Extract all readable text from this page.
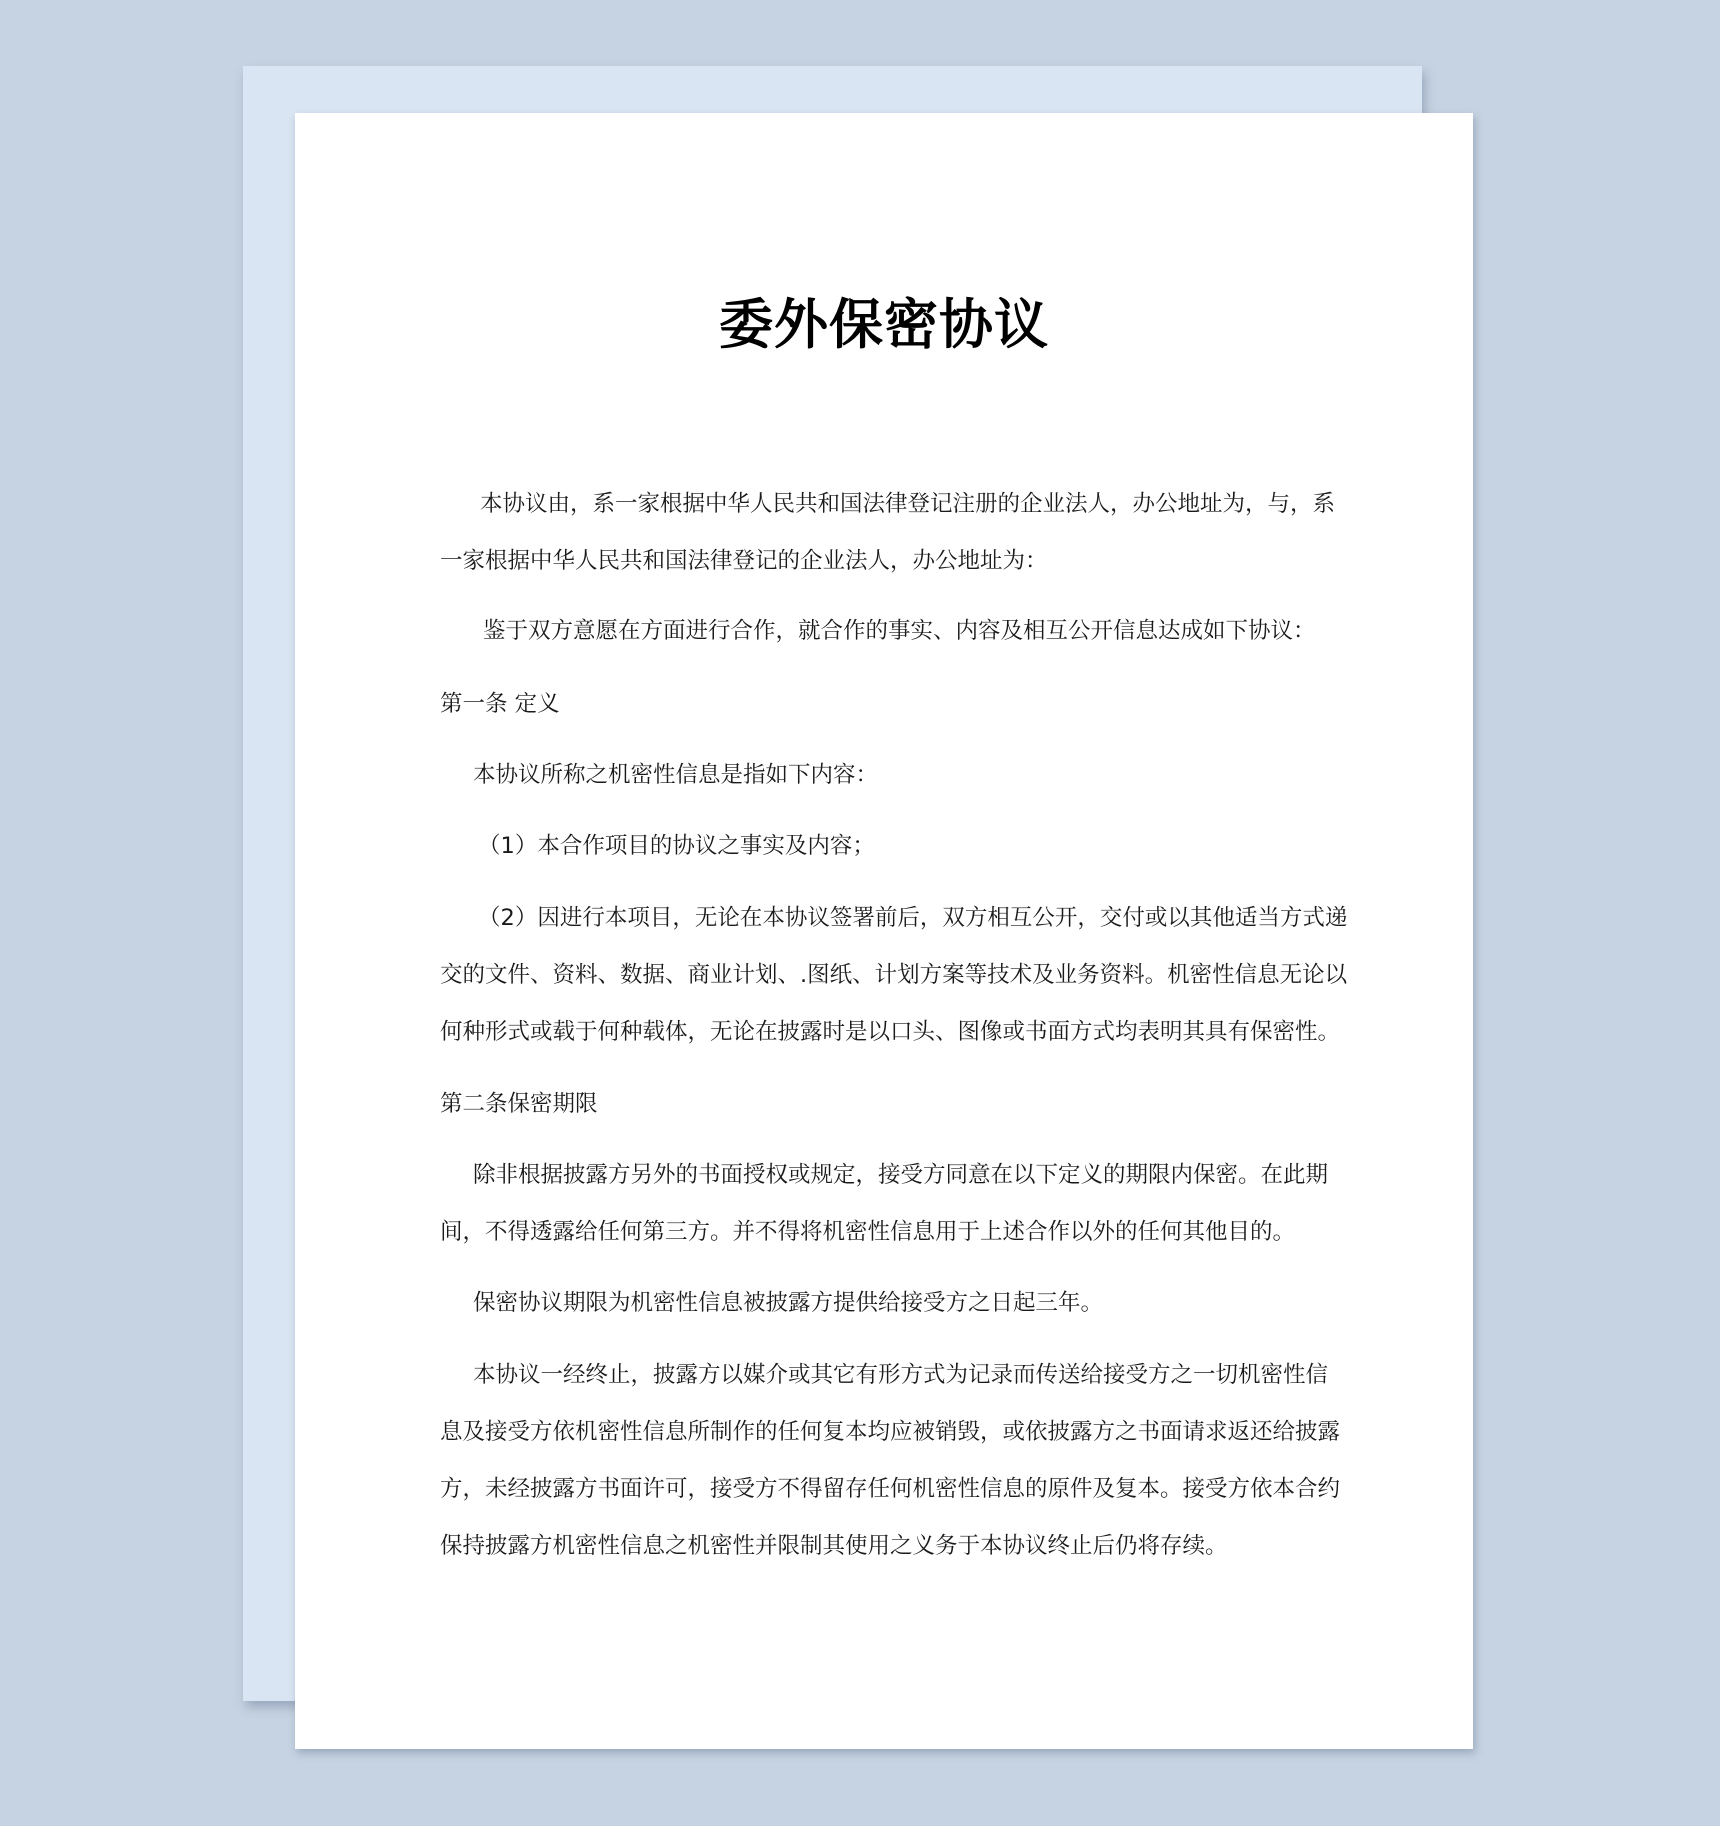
委外保密协议

本协议由，系一家根据中华人民共和国法律登记注册的企业法人，办公地址为，与，系

一家根据中华人民共和国法律登记的企业法人，办公地址为：

鉴于双方意愿在方面进行合作，就合作的事实、内容及相互公开信息达成如下协议：

第一条 定义

本协议所称之机密性信息是指如下内容：

（1）本合作项目的协议之事实及内容；

（2）因进行本项目，无论在本协议签署前后，双方相互公开，交付或以其他适当方式递

交的文件、资料、数据、商业计划、.图纸、计划方案等技术及业务资料。机密性信息无论以

何种形式或载于何种载体，无论在披露时是以口头、图像或书面方式均表明其具有保密性。

第二条保密期限

除非根据披露方另外的书面授权或规定，接受方同意在以下定义的期限内保密。在此期

间，不得透露给任何第三方。并不得将机密性信息用于上述合作以外的任何其他目的。

保密协议期限为机密性信息被披露方提供给接受方之日起三年。

本协议一经终止，披露方以媒介或其它有形方式为记录而传送给接受方之一切机密性信

息及接受方依机密性信息所制作的任何复本均应被销毁，或依披露方之书面请求返还给披露

方，未经披露方书面许可，接受方不得留存任何机密性信息的原件及复本。接受方依本合约

保持披露方机密性信息之机密性并限制其使用之义务于本协议终止后仍将存续。
